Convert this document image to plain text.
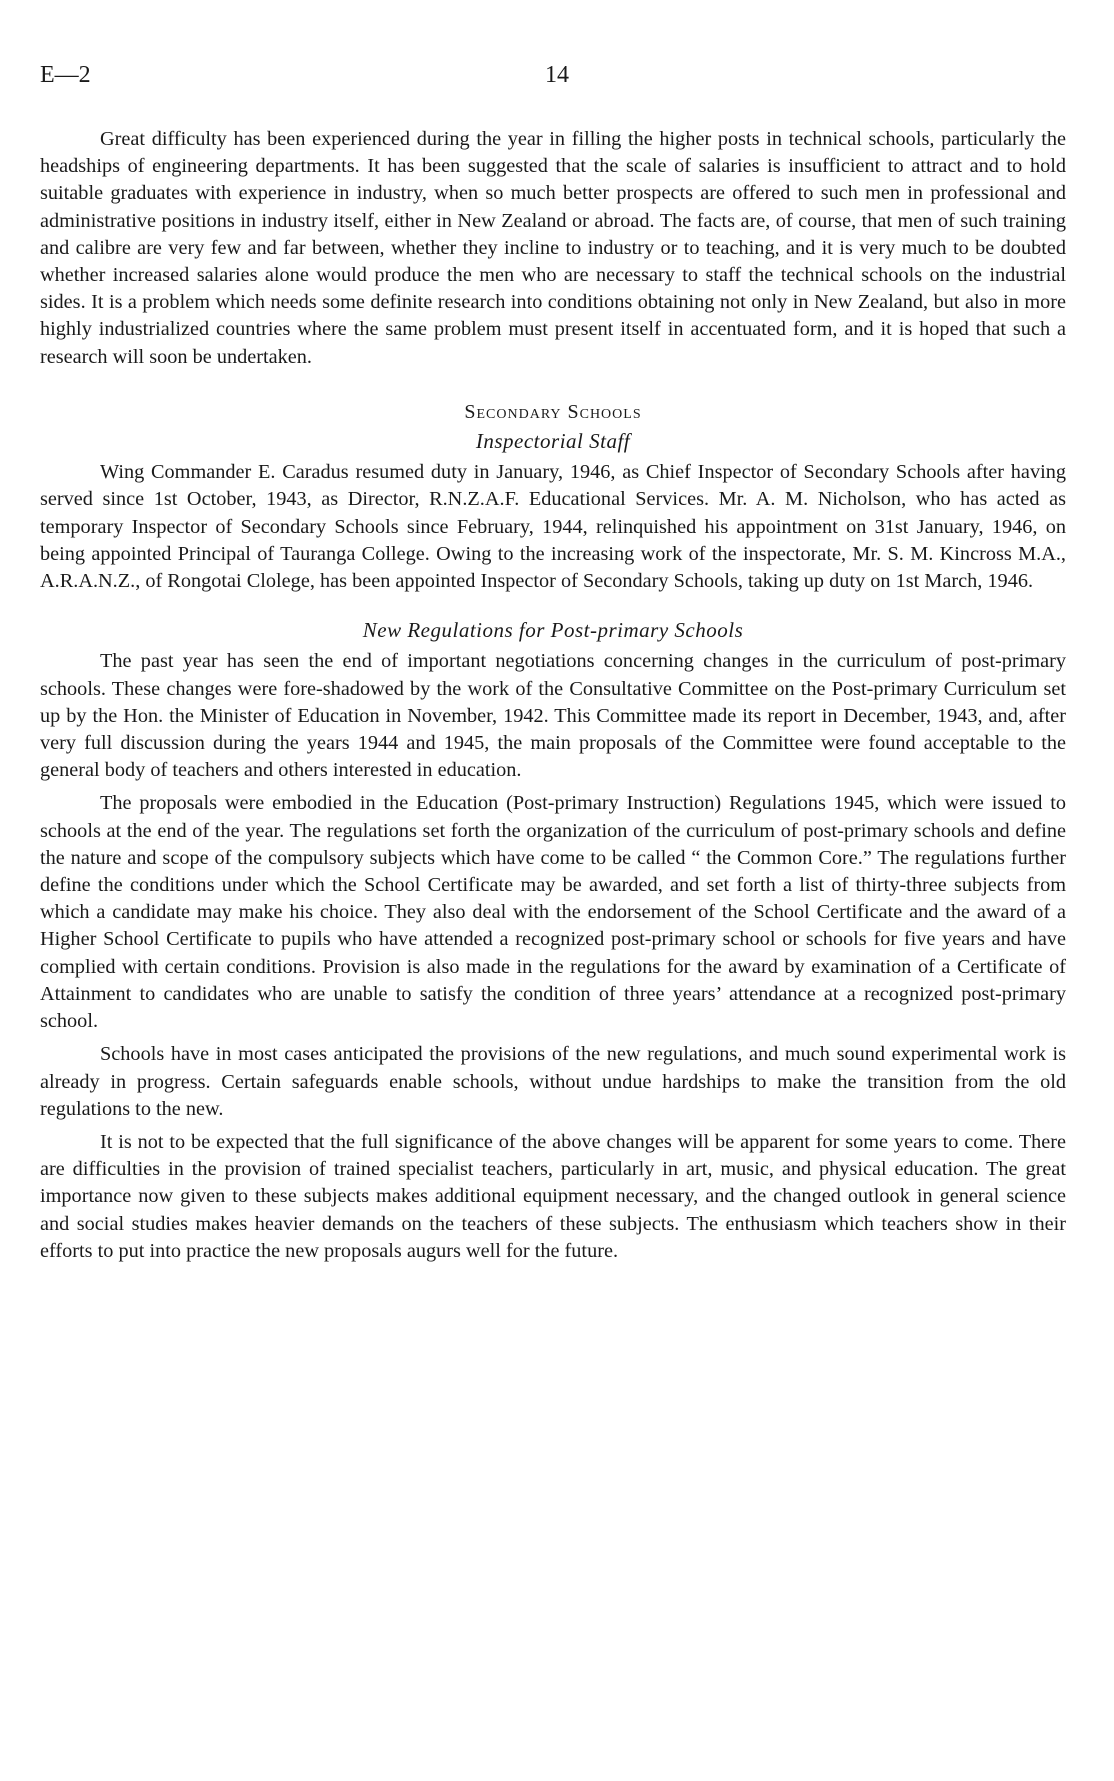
E—2	14

Great difficulty has been experienced during the year in filling the higher posts in technical schools, particularly the headships of engineering departments. It has been suggested that the scale of salaries is insufficient to attract and to hold suitable graduates with experience in industry, when so much better prospects are offered to such men in professional and administrative positions in industry itself, either in New Zealand or abroad. The facts are, of course, that men of such training and calibre are very few and far between, whether they incline to industry or to teaching, and it is very much to be doubted whether increased salaries alone would produce the men who are necessary to staff the technical schools on the industrial sides. It is a problem which needs some definite research into conditions obtaining not only in New Zealand, but also in more highly industrialized countries where the same problem must present itself in accentuated form, and it is hoped that such a research will soon be undertaken.

Secondary Schools
Inspectorial Staff

Wing Commander E. Caradus resumed duty in January, 1946, as Chief Inspector of Secondary Schools after having served since 1st October, 1943, as Director, R.N.Z.A.F. Educational Services. Mr. A. M. Nicholson, who has acted as temporary Inspector of Secondary Schools since February, 1944, relinquished his appointment on 31st January, 1946, on being appointed Principal of Tauranga College. Owing to the increasing work of the inspectorate, Mr. S. M. Kincross M.A., A.R.A.N.Z., of Rongotai Clolege, has been appointed Inspector of Secondary Schools, taking up duty on 1st March, 1946.

New Regulations for Post-primary Schools

The past year has seen the end of important negotiations concerning changes in the curriculum of post-primary schools. These changes were fore-shadowed by the work of the Consultative Committee on the Post-primary Curriculum set up by the Hon. the Minister of Education in November, 1942. This Committee made its report in December, 1943, and, after very full discussion during the years 1944 and 1945, the main proposals of the Committee were found acceptable to the general body of teachers and others interested in education.

The proposals were embodied in the Education (Post-primary Instruction) Regulations 1945, which were issued to schools at the end of the year. The regulations set forth the organization of the curriculum of post-primary schools and define the nature and scope of the compulsory subjects which have come to be called “ the Common Core.” The regulations further define the conditions under which the School Certificate may be awarded, and set forth a list of thirty-three subjects from which a candidate may make his choice. They also deal with the endorsement of the School Certificate and the award of a Higher School Certificate to pupils who have attended a recognized post-primary school or schools for five years and have complied with certain conditions. Provision is also made in the regulations for the award by examination of a Certificate of Attainment to candidates who are unable to satisfy the condition of three years’ attendance at a recognized post-primary school.

Schools have in most cases anticipated the provisions of the new regulations, and much sound experimental work is already in progress. Certain safeguards enable schools, without undue hardships to make the transition from the old regulations to the new.

It is not to be expected that the full significance of the above changes will be apparent for some years to come. There are difficulties in the provision of trained specialist teachers, particularly in art, music, and physical education. The great importance now given to these subjects makes additional equipment necessary, and the changed outlook in general science and social studies makes heavier demands on the teachers of these subjects. The enthusiasm which teachers show in their efforts to put into practice the new proposals augurs well for the future.
